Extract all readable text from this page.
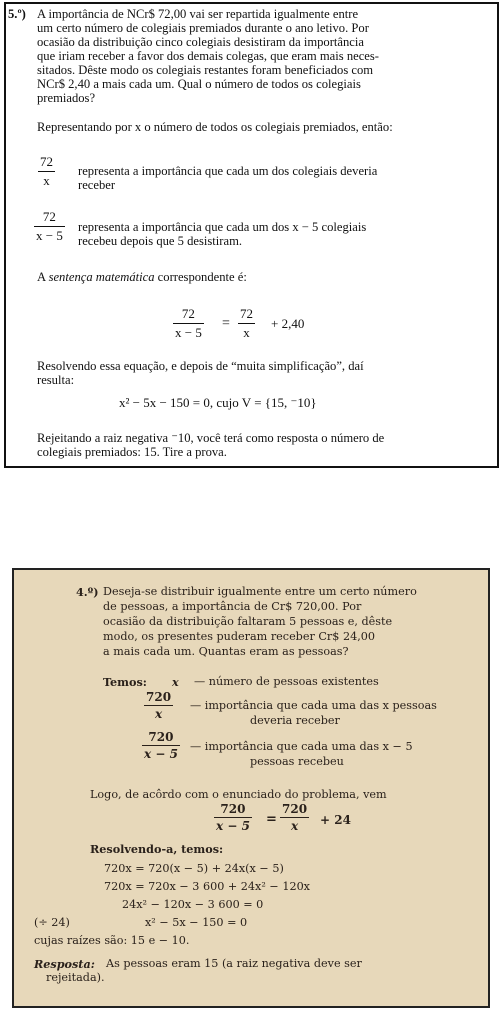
5.º) A importância de NCr$ 72,00 vai ser repartida igualmente entre
um certo número de colegiais premiados durante o ano letivo. Por
ocasião da distribuição cinco colegiais desistiram da importância
que iriam receber a favor dos demais colegas, que eram mais neces-
sitados. Dêste modo os colegiais restantes foram beneficiados com
NCr$ 2,40 a mais cada um. Qual o número de todos os colegiais
premiados?
Representando por x o número de todos os colegiais premiados, então:
$\frac{72}{x}$ representa a importância que cada um dos colegiais deveria
receber
$\frac{72}{x - 5}$ representa a importância que cada um dos x − 5 colegiais
recebeu depois que 5 desistiram.
A sentença matemática correspondente é:
$\frac{72}{x - 5} = \frac{72}{x} + 2,40$
Resolvendo essa equação, e depois de “muita simplificação”, daí
resulta:
x² − 5x − 150 = 0, cujo V = {15, ⁻10}
Rejeitando a raiz negativa ⁻10, você terá como resposta o número de
colegiais premiados: 15. Tire a prova.
4.º) Deseja-se distribuir igualmente entre um certo número
de pessoas, a importância de Cr$ 720,00. Por
ocasião da distribuição faltaram 5 pessoas e, dêste
modo, os presentes puderam receber Cr$ 24,00
a mais cada um. Quantas eram as pessoas?
Temos: x — número de pessoas existentes
$\frac{720}{x}$ — importância que cada uma das x pessoas
deveria receber
$\frac{720}{x - 5}$ — importância que cada uma das x − 5
pessoas recebeu
Logo, de acôrdo com o enunciado do problema, vem
$\frac{720}{x - 5} = \frac{720}{x} + 24$
Resolvendo-a, temos:
720x = 720(x − 5) + 24x(x − 5)
720x = 720x − 3 600 + 24x² − 120x
24x² − 120x − 3 600 = 0
(÷ 24)	x² − 5x − 150 = 0
cujas raízes são: 15 e − 10.
Resposta: As pessoas eram 15 (a raiz negativa deve ser
rejeitada).
